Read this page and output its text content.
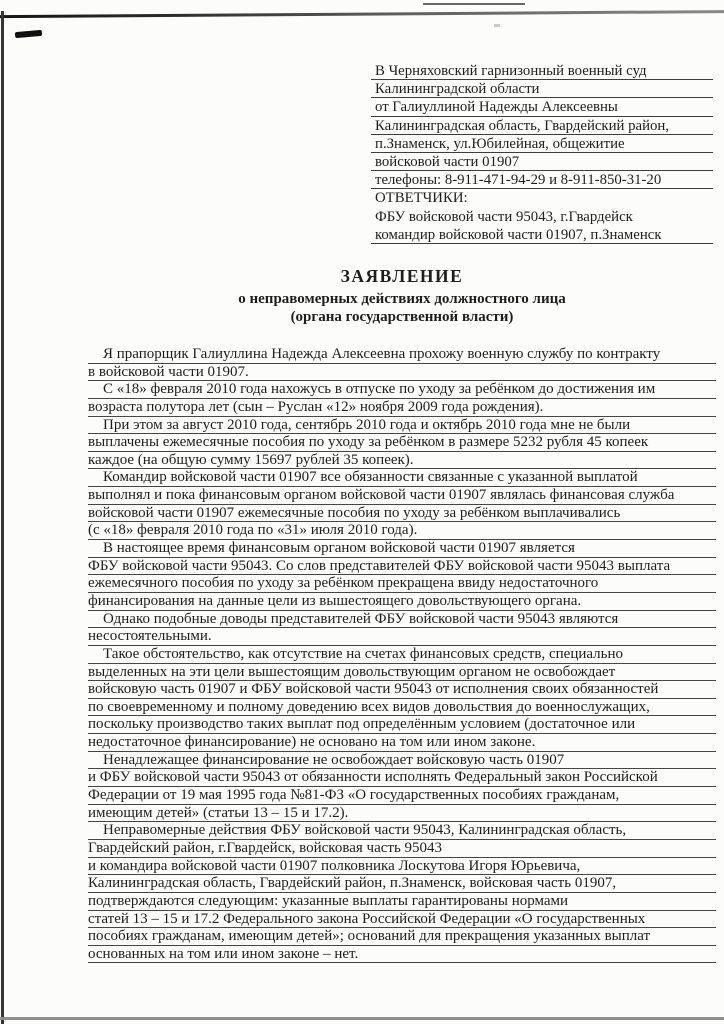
В Черняховский гарнизонный военный суд
Калининградской области
от Галиуллиной Надежды Алексеевны
Калининградская область, Гвардейский район,
п.Знаменск, ул.Юбилейная, общежитие
войсковой части 01907
телефоны: 8-911-471-94-29 и 8-911-850-31-20
ОТВЕТЧИКИ:
ФБУ войсковой части 95043, г.Гвардейск
командир войсковой части 01907, п.Знаменск
ЗАЯВЛЕНИЕ
о неправомерных действиях должностного лица
(органа государственной власти)
Я прапорщик Галиуллина Надежда Алексеевна прохожу военную службу по контракту
в войсковой части 01907.
С «18» февраля 2010 года нахожусь в отпуске по уходу за ребёнком до достижения им
возраста полутора лет (сын – Руслан «12» ноября 2009 года рождения).
При этом за август 2010 года, сентябрь 2010 года и октябрь 2010 года мне не были
выплачены ежемесячные пособия по уходу за ребёнком в размере 5232 рубля 45 копеек
каждое (на общую сумму 15697 рублей 35 копеек).
Командир войсковой части 01907 все обязанности связанные с указанной выплатой
выполнял и пока финансовым органом войсковой части 01907 являлась финансовая служба
войсковой части 01907 ежемесячные пособия по уходу за ребёнком выплачивались
(с «18» февраля 2010 года по «31» июля 2010 года).
В настоящее время финансовым органом войсковой части 01907 является
ФБУ войсковой части 95043. Со слов представителей ФБУ войсковой части 95043 выплата
ежемесячного пособия по уходу за ребёнком прекращена ввиду недостаточного
финансирования на данные цели из вышестоящего довольствующего органа.
Однако подобные доводы представителей ФБУ войсковой части 95043 являются
несостоятельными.
Такое обстоятельство, как отсутствие на счетах финансовых средств, специально
выделенных на эти цели вышестоящим довольствующим органом не освобождает
войсковую часть 01907 и ФБУ войсковой части 95043 от исполнения своих обязанностей
по своевременному и полному доведению всех видов довольствия до военнослужащих,
поскольку производство таких выплат под определённым условием (достаточное или
недостаточное финансирование) не основано на том или ином законе.
Ненадлежащее финансирование не освобождает войсковую часть 01907
и ФБУ войсковой части 95043 от обязанности исполнять Федеральный закон Российской
Федерации от 19 мая 1995 года №81-ФЗ «О государственных пособиях гражданам,
имеющим детей» (статьи 13 – 15 и 17.2).
Неправомерные действия ФБУ войсковой части 95043, Калининградская область,
Гвардейский район, г.Гвардейск, войсковая часть 95043
и командира войсковой части 01907 полковника Лоскутова Игоря Юрьевича,
Калининградская область, Гвардейский район, п.Знаменск, войсковая часть 01907,
подтверждаются следующим: указанные выплаты гарантированы нормами
статей 13 – 15 и 17.2 Федерального закона Российской Федерации «О государственных
пособиях гражданам, имеющим детей»; оснований для прекращения указанных выплат
основанных на том или ином законе – нет.
